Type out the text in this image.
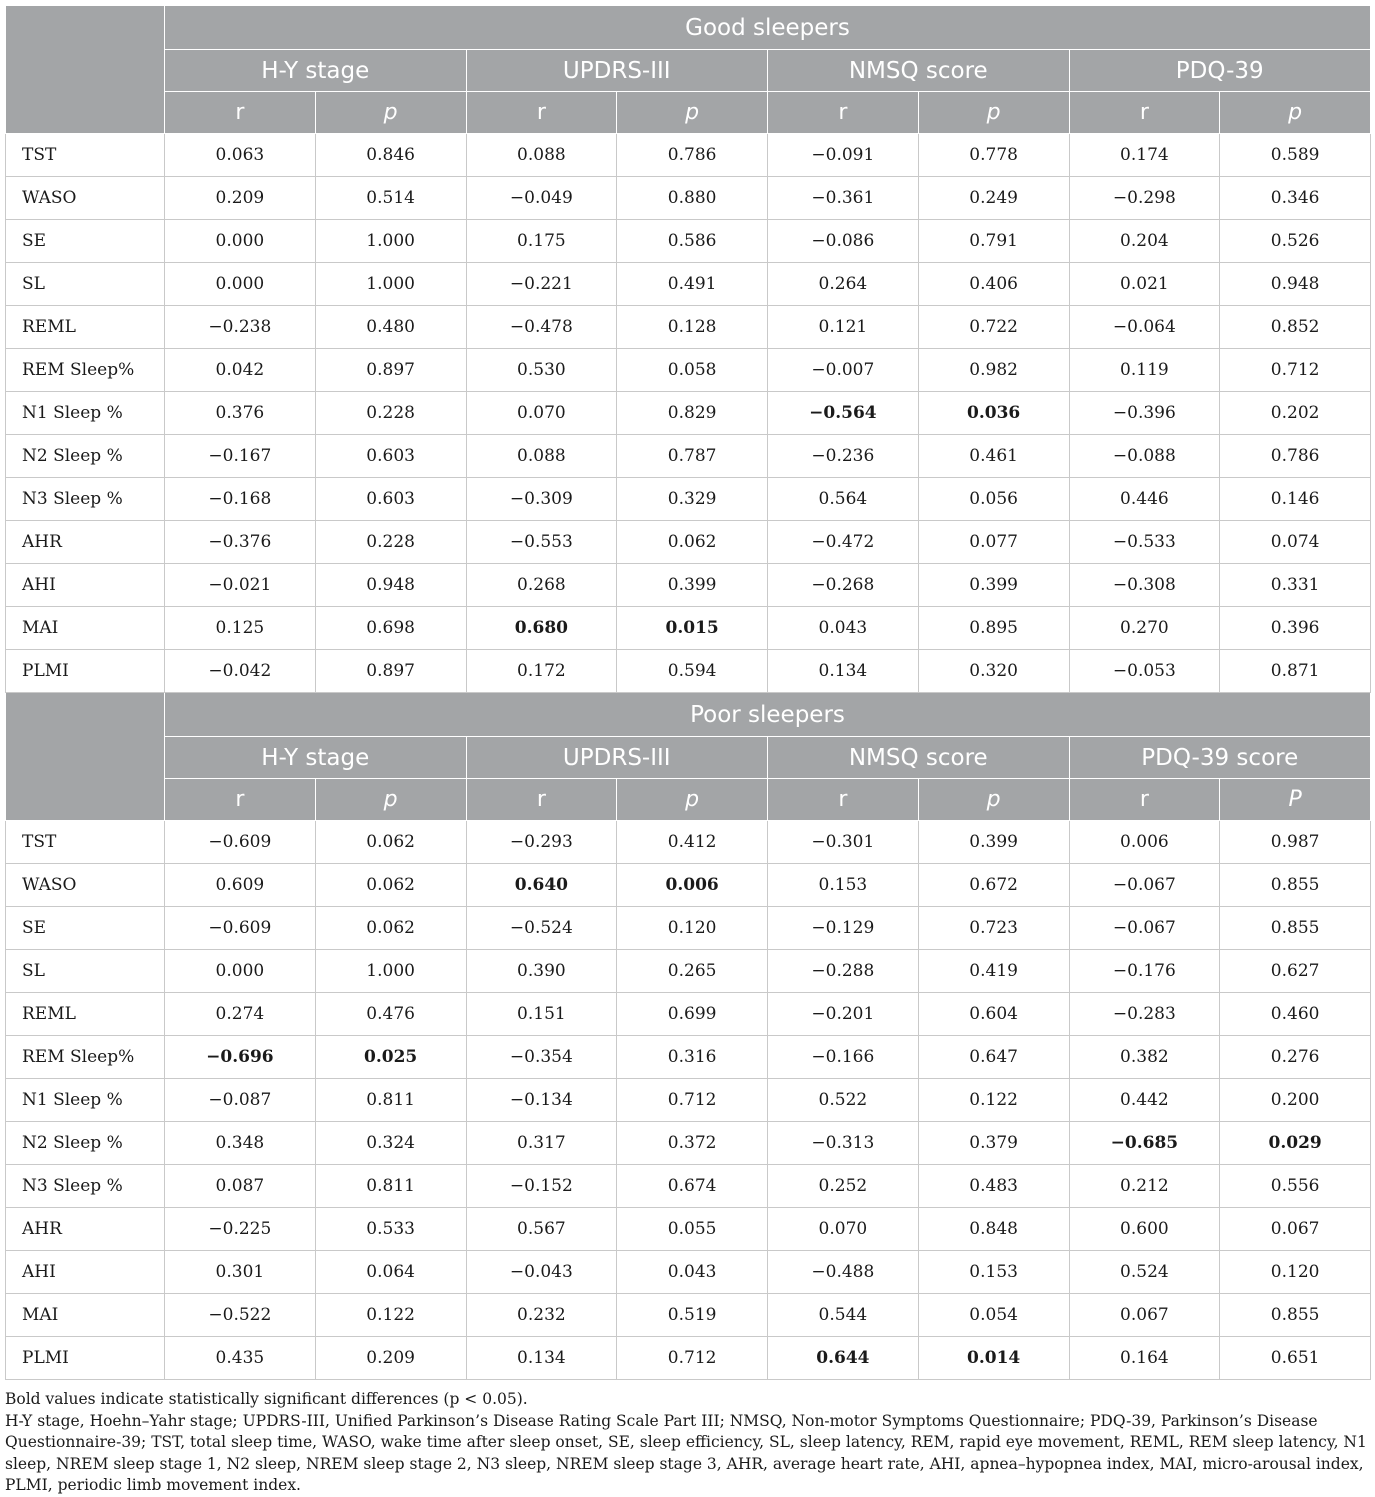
	Good sleepers							
	H-Y stage		UPDRS-III		NMSQ score		PDQ-39	
	r	p	r	p	r	p	r	p
TST	0.063	0.846	0.088	0.786	−0.091	0.778	0.174	0.589
WASO	0.209	0.514	−0.049	0.880	−0.361	0.249	−0.298	0.346
SE	0.000	1.000	0.175	0.586	−0.086	0.791	0.204	0.526
SL	0.000	1.000	−0.221	0.491	0.264	0.406	0.021	0.948
REML	−0.238	0.480	−0.478	0.128	0.121	0.722	−0.064	0.852
REM Sleep%	0.042	0.897	0.530	0.058	−0.007	0.982	0.119	0.712
N1 Sleep %	0.376	0.228	0.070	0.829	−0.564	0.036	−0.396	0.202
N2 Sleep %	−0.167	0.603	0.088	0.787	−0.236	0.461	−0.088	0.786
N3 Sleep %	−0.168	0.603	−0.309	0.329	0.564	0.056	0.446	0.146
AHR	−0.376	0.228	−0.553	0.062	−0.472	0.077	−0.533	0.074
AHI	−0.021	0.948	0.268	0.399	−0.268	0.399	−0.308	0.331
MAI	0.125	0.698	0.680	0.015	0.043	0.895	0.270	0.396
PLMI	−0.042	0.897	0.172	0.594	0.134	0.320	−0.053	0.871
	Poor sleepers							
	H-Y stage		UPDRS-III		NMSQ score		PDQ-39 score	
	r	p	r	p	r	p	r	P
TST	−0.609	0.062	−0.293	0.412	−0.301	0.399	0.006	0.987
WASO	0.609	0.062	0.640	0.006	0.153	0.672	−0.067	0.855
SE	−0.609	0.062	−0.524	0.120	−0.129	0.723	−0.067	0.855
SL	0.000	1.000	0.390	0.265	−0.288	0.419	−0.176	0.627
REML	0.274	0.476	0.151	0.699	−0.201	0.604	−0.283	0.460
REM Sleep%	−0.696	0.025	−0.354	0.316	−0.166	0.647	0.382	0.276
N1 Sleep %	−0.087	0.811	−0.134	0.712	0.522	0.122	0.442	0.200
N2 Sleep %	0.348	0.324	0.317	0.372	−0.313	0.379	−0.685	0.029
N3 Sleep %	0.087	0.811	−0.152	0.674	0.252	0.483	0.212	0.556
AHR	−0.225	0.533	0.567	0.055	0.070	0.848	0.600	0.067
AHI	0.301	0.064	−0.043	0.043	−0.488	0.153	0.524	0.120
MAI	−0.522	0.122	0.232	0.519	0.544	0.054	0.067	0.855
PLMI	0.435	0.209	0.134	0.712	0.644	0.014	0.164	0.651

Bold values indicate statistically significant differences (p < 0.05).

H-Y stage, Hoehn–Yahr stage; UPDRS-III, Unified Parkinson’s Disease Rating Scale Part III; NMSQ, Non-motor Symptoms Questionnaire; PDQ-39, Parkinson’s Disease Questionnaire-39; TST, total sleep time, WASO, wake time after sleep onset, SE, sleep efficiency, SL, sleep latency, REM, rapid eye movement, REML, REM sleep latency, N1 sleep, NREM sleep stage 1, N2 sleep, NREM sleep stage 2, N3 sleep, NREM sleep stage 3, AHR, average heart rate, AHI, apnea–hypopnea index, MAI, micro-arousal index, PLMI, periodic limb movement index.
